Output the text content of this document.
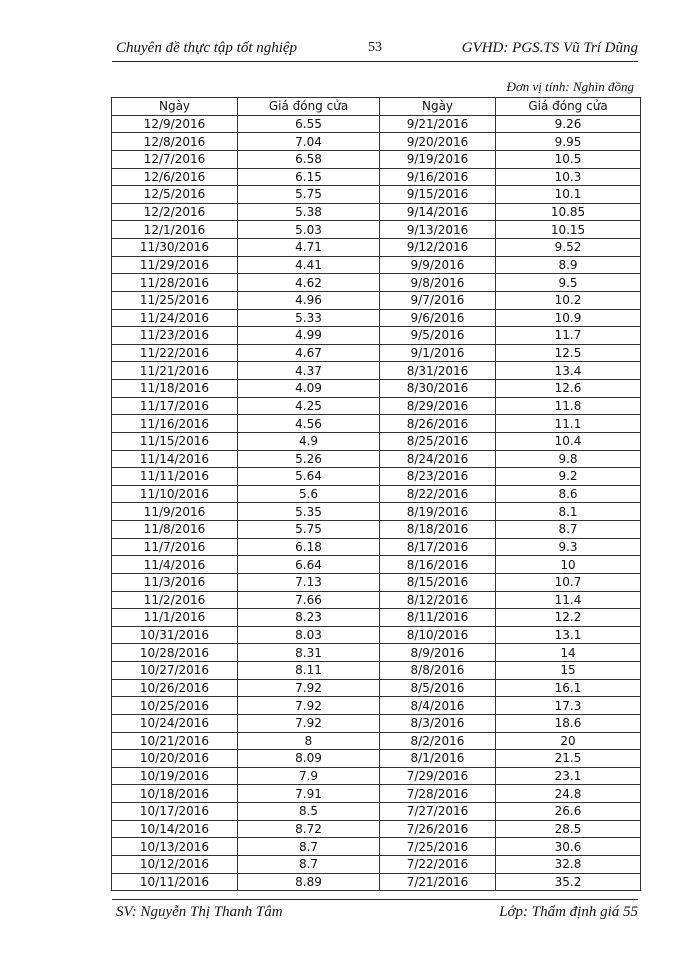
Chuyên đề thực tập tốt nghiệp	53	GVHD: PGS.TS Vũ Trí Dũng
Đơn vị tính: Nghìn đồng
Ngày	Giá đóng cửa	Ngày	Giá đóng cửa
12/9/2016	6.55	9/21/2016	9.26
12/8/2016	7.04	9/20/2016	9.95
12/7/2016	6.58	9/19/2016	10.5
12/6/2016	6.15	9/16/2016	10.3
12/5/2016	5.75	9/15/2016	10.1
12/2/2016	5.38	9/14/2016	10.85
12/1/2016	5.03	9/13/2016	10.15
11/30/2016	4.71	9/12/2016	9.52
11/29/2016	4.41	9/9/2016	8.9
11/28/2016	4.62	9/8/2016	9.5
11/25/2016	4.96	9/7/2016	10.2
11/24/2016	5.33	9/6/2016	10.9
11/23/2016	4.99	9/5/2016	11.7
11/22/2016	4.67	9/1/2016	12.5
11/21/2016	4.37	8/31/2016	13.4
11/18/2016	4.09	8/30/2016	12.6
11/17/2016	4.25	8/29/2016	11.8
11/16/2016	4.56	8/26/2016	11.1
11/15/2016	4.9	8/25/2016	10.4
11/14/2016	5.26	8/24/2016	9.8
11/11/2016	5.64	8/23/2016	9.2
11/10/2016	5.6	8/22/2016	8.6
11/9/2016	5.35	8/19/2016	8.1
11/8/2016	5.75	8/18/2016	8.7
11/7/2016	6.18	8/17/2016	9.3
11/4/2016	6.64	8/16/2016	10
11/3/2016	7.13	8/15/2016	10.7
11/2/2016	7.66	8/12/2016	11.4
11/1/2016	8.23	8/11/2016	12.2
10/31/2016	8.03	8/10/2016	13.1
10/28/2016	8.31	8/9/2016	14
10/27/2016	8.11	8/8/2016	15
10/26/2016	7.92	8/5/2016	16.1
10/25/2016	7.92	8/4/2016	17.3
10/24/2016	7.92	8/3/2016	18.6
10/21/2016	8	8/2/2016	20
10/20/2016	8.09	8/1/2016	21.5
10/19/2016	7.9	7/29/2016	23.1
10/18/2016	7.91	7/28/2016	24.8
10/17/2016	8.5	7/27/2016	26.6
10/14/2016	8.72	7/26/2016	28.5
10/13/2016	8.7	7/25/2016	30.6
10/12/2016	8.7	7/22/2016	32.8
10/11/2016	8.89	7/21/2016	35.2
SV: Nguyễn Thị Thanh Tâm	Lớp: Thẩm định giá 55
